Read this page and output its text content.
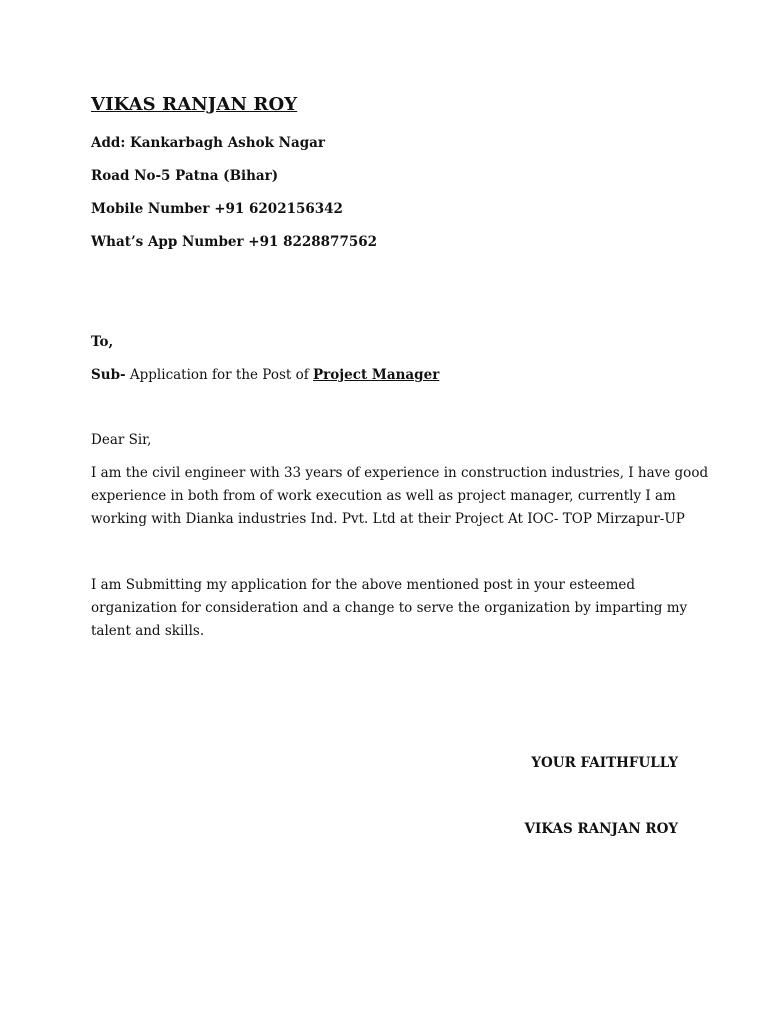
VIKAS RANJAN ROY

Add: Kankarbagh Ashok Nagar

Road No-5 Patna (Bihar)

Mobile Number +91 6202156342

What’s App Number +91 8228877562

To,

Sub- Application for the Post of Project Manager

Dear Sir,

I am the civil engineer with 33 years of experience in construction industries, I have good
experience in both from of work execution as well as project manager, currently I am
working with Dianka industries Ind. Pvt. Ltd at their Project At IOC- TOP Mirzapur-UP

I am Submitting my application for the above mentioned post in your esteemed
organization for consideration and a change to serve the organization by imparting my
talent and skills.

YOUR FAITHFULLY

VIKAS RANJAN ROY
